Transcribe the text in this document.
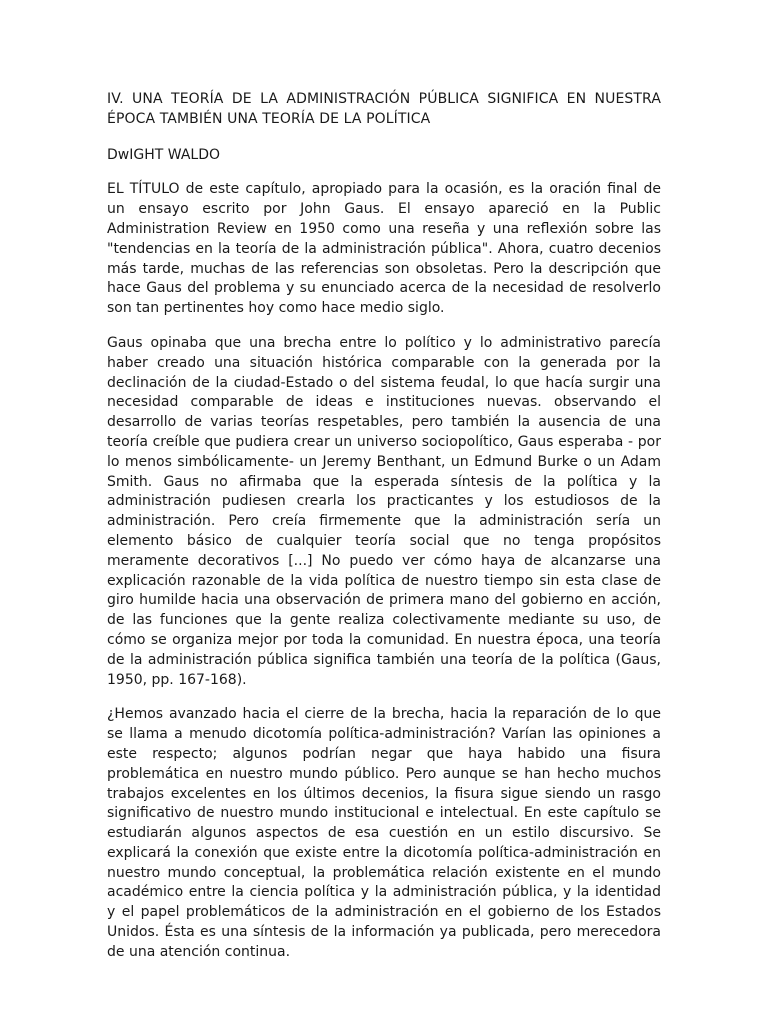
IV. UNA TEORÍA DE LA ADMINISTRACIÓN PÚBLICA SIGNIFICA EN NUESTRA ÉPOCA TAMBIÉN UNA TEORÍA DE LA POLÍTICA
DwIGHT WALDO

EL TÍTULO de este capítulo, apropiado para la ocasión, es la oración final de un ensayo escrito por John Gaus. El ensayo apareció en la Public Administration Review en 1950 como una reseña y una reflexión sobre las "tendencias en la teoría de la administración pública". Ahora, cuatro decenios más tarde, muchas de las referencias son obsoletas. Pero la descripción que hace Gaus del problema y su enunciado acerca de la necesidad de resolverlo son tan pertinentes hoy como hace medio siglo.

Gaus opinaba que una brecha entre lo político y lo administrativo parecía haber creado una situación histórica comparable con la generada por la declinación de la ciudad-Estado o del sistema feudal, lo que hacía surgir una necesidad comparable de ideas e instituciones nuevas. observando el desarrollo de varias teorías respetables, pero también la ausencia de una teoría creíble que pudiera crear un universo sociopolítico, Gaus esperaba - por lo menos simbólicamente- un Jeremy Benthant, un Edmund Burke o un Adam Smith. Gaus no afirmaba que la esperada síntesis de la política y la administración pudiesen crearla los practicantes y los estudiosos de la administración. Pero creía firmemente que la administración sería un elemento básico de cualquier teoría social que no tenga propósitos meramente decorativos [...] No puedo ver cómo haya de alcanzarse una explicación razonable de la vida política de nuestro tiempo sin esta clase de giro humilde hacia una observación de primera mano del gobierno en acción, de las funciones que la gente realiza colectivamente mediante su uso, de cómo se organiza mejor por toda la comunidad. En nuestra época, una teoría de la administración pública significa también una teoría de la política (Gaus, 1950, pp. 167-168).

¿Hemos avanzado hacia el cierre de la brecha, hacia la reparación de lo que se llama a menudo dicotomía política-administración? Varían las opiniones a este respecto; algunos podrían negar que haya habido una fisura problemática en nuestro mundo público. Pero aunque se han hecho muchos trabajos excelentes en los últimos decenios, la fisura sigue siendo un rasgo significativo de nuestro mundo institucional e intelectual. En este capítulo se estudiarán algunos aspectos de esa cuestión en un estilo discursivo. Se explicará la conexión que existe entre la dicotomía política-administración en nuestro mundo conceptual, la problemática relación existente en el mundo académico entre la ciencia política y la administración pública, y la identidad y el papel problemáticos de la administración en el gobierno de los Estados Unidos. Ésta es una síntesis de la información ya publicada, pero merecedora de una atención continua.
